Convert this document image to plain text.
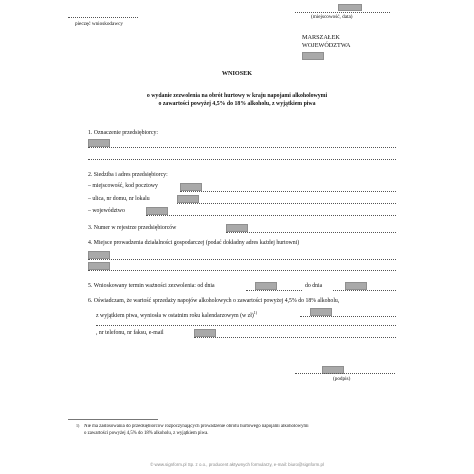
pieczęć wnioskodawcy
(miejscowość, data)
MARSZAŁEK
WOJEWÓDZTWA
WNIOSEK
o wydanie zezwolenia na obrót hurtowy w kraju napojami alkoholowymi
o zawartości powyżej 4,5% do 18% alkoholu, z wyjątkiem piwa
1. Oznaczenie przedsiębiorcy:
2. Siedziba i adres przedsiębiorcy:
– miejscowość, kod pocztowy
– ulica, nr domu, nr lokalu
– województwo
3. Numer w rejestrze przedsiębiorców
4. Miejsce prowadzenia działalności gospodarczej (podać dokładny adres każdej hurtowni)
5. Wnioskowany termin ważności zezwolenia: od dnia	do dnia
6. Oświadczam, że wartość sprzedaży napojów alkoholowych o zawartości powyżej 4,5% do 18% alkoholu,
z wyjątkiem piwa, wyniosła w ostatnim roku kalendarzowym (w zł)$^{1)}$
, nr telefonu, nr faksu, e-mail
(podpis)
1) Nie ma zastosowania do przedsiębiorców rozpoczynających prowadzenie obrotu hurtowego napojami alkoholowymi
o zawartości powyżej 4,5% do 18% alkoholu, z wyjątkiem piwa.
© www.signform.pl Sp. z o.o., producent aktywnych formularzy, e-mail: biuro@signform.pl
